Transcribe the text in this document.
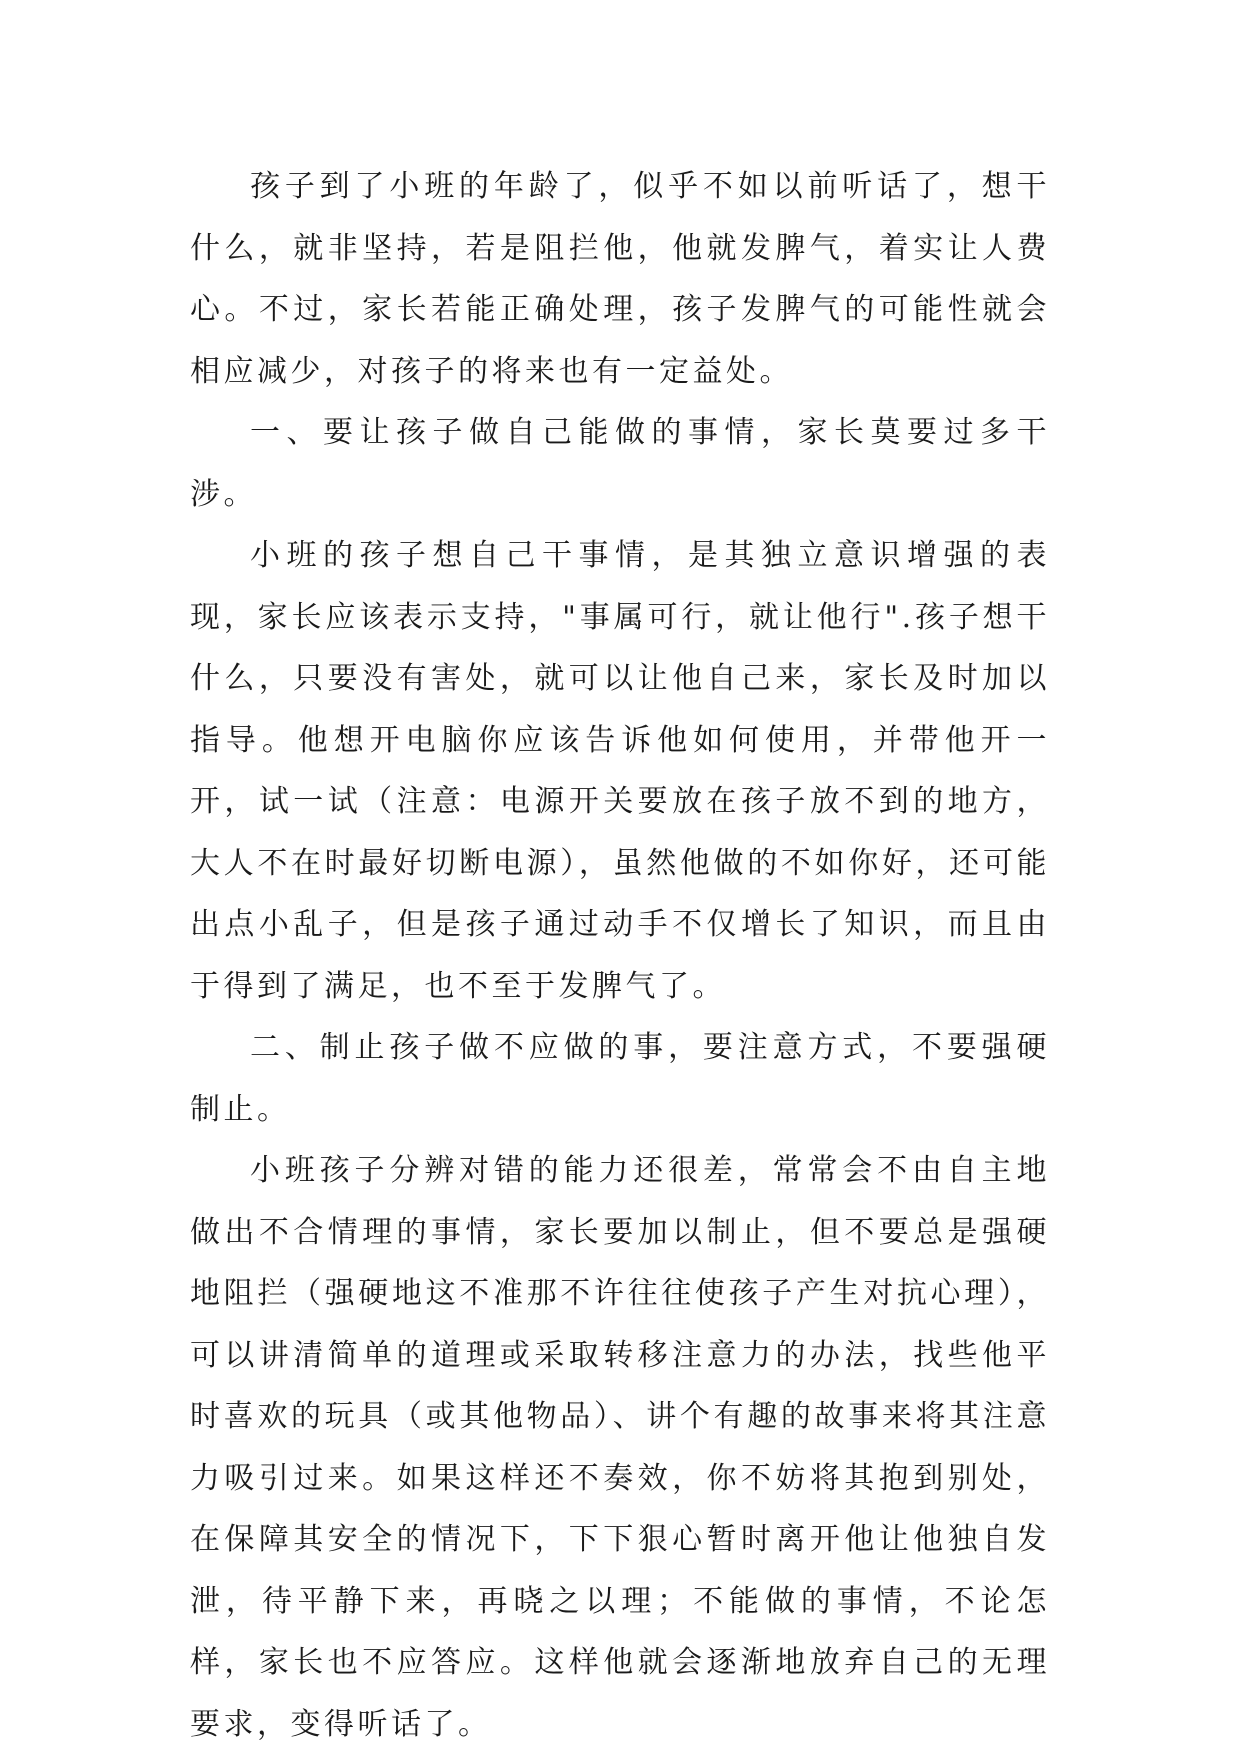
孩子到了小班的年龄了，似乎不如以前听话了，想干什么，就非坚持，若是阻拦他，他就发脾气，着实让人费心。不过，家长若能正确处理，孩子发脾气的可能性就会相应减少，对孩子的将来也有一定益处。

一、要让孩子做自己能做的事情，家长莫要过多干涉。

小班的孩子想自己干事情，是其独立意识增强的表现，家长应该表示支持，"事属可行，就让他行".孩子想干什么，只要没有害处，就可以让他自己来，家长及时加以指导。他想开电脑你应该告诉他如何使用，并带他开一开，试一试（注意：电源开关要放在孩子放不到的地方，大人不在时最好切断电源），虽然他做的不如你好，还可能出点小乱子，但是孩子通过动手不仅增长了知识，而且由于得到了满足，也不至于发脾气了。

二、制止孩子做不应做的事，要注意方式，不要强硬制止。

小班孩子分辨对错的能力还很差，常常会不由自主地做出不合情理的事情，家长要加以制止，但不要总是强硬地阻拦（强硬地这不准那不许往往使孩子产生对抗心理），可以讲清简单的道理或采取转移注意力的办法，找些他平时喜欢的玩具（或其他物品）、讲个有趣的故事来将其注意力吸引过来。如果这样还不奏效，你不妨将其抱到别处，在保障其安全的情况下，下下狠心暂时离开他让他独自发泄，待平静下来，再晓之以理；不能做的事情，不论怎样，家长也不应答应。这样他就会逐渐地放弃自己的无理要求，变得听话了。
